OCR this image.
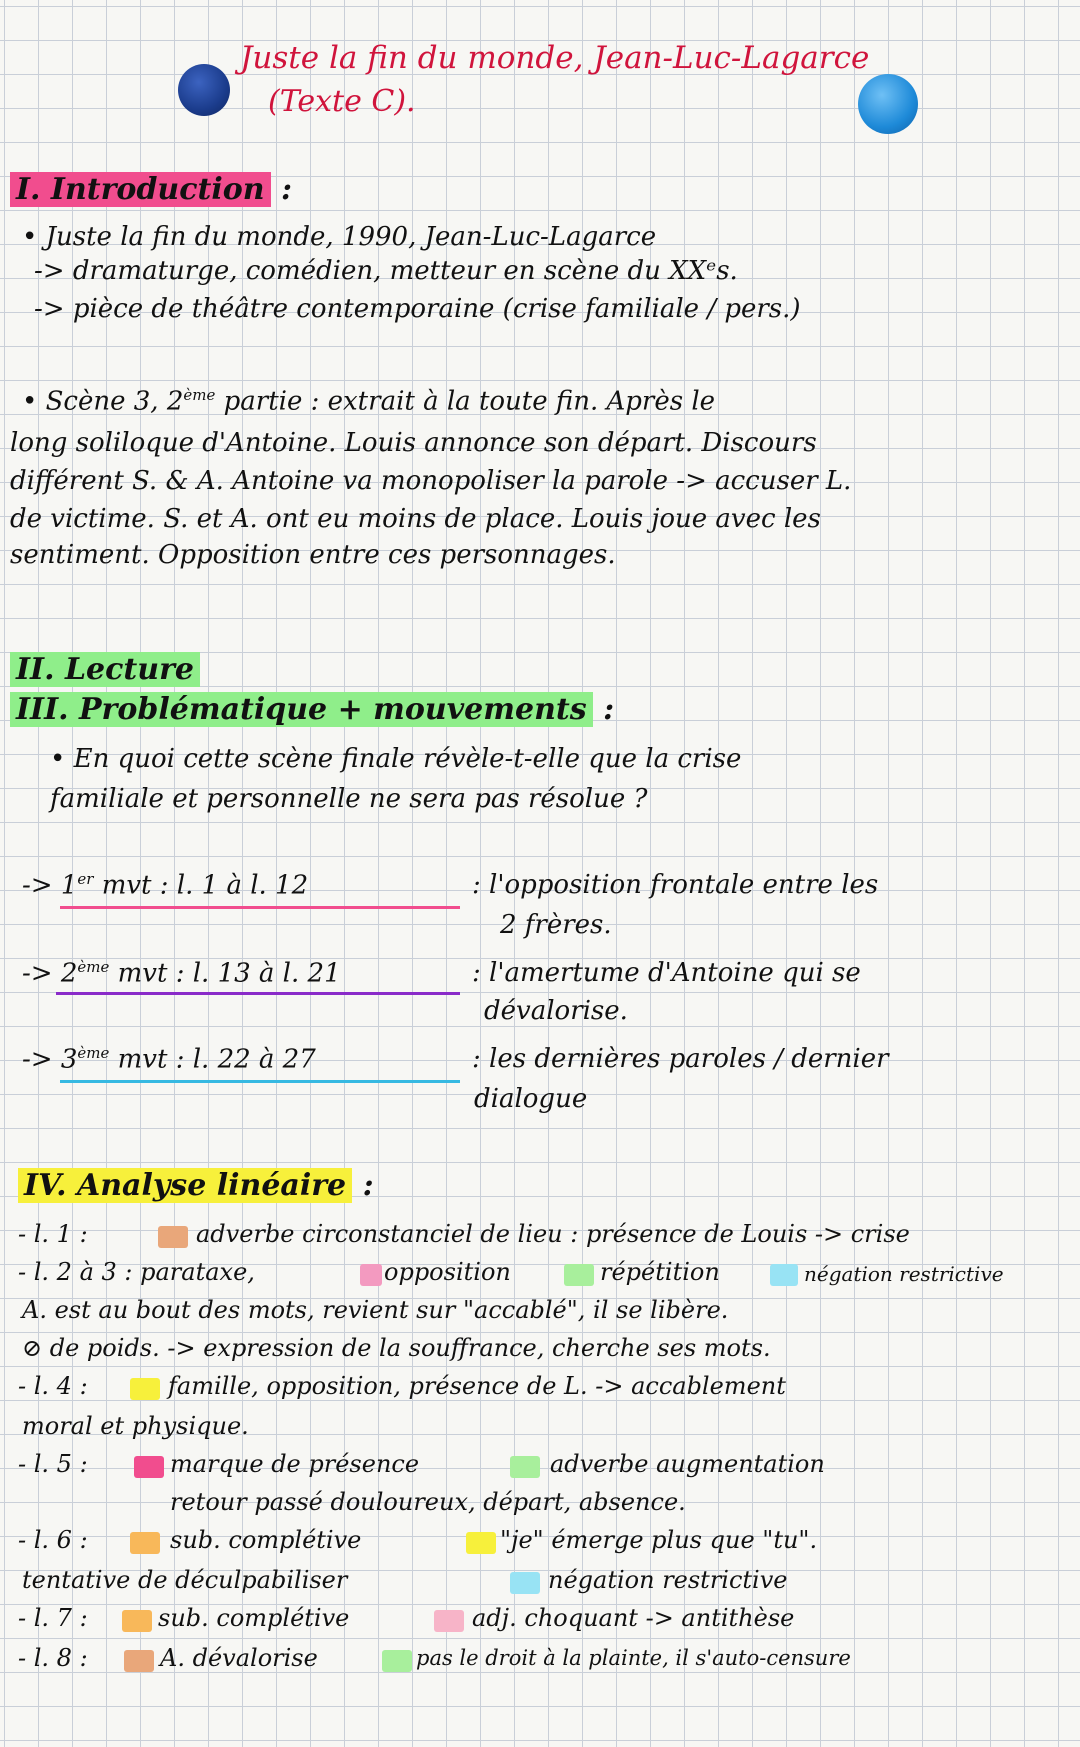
Juste la fin du monde, Jean-Luc-Lagarce
(Texte C).
I. Introduction :
• Juste la fin du monde, 1990, Jean-Luc-Lagarce
-> dramaturge, comédien, metteur en scène du XXᵉs.
-> pièce de théâtre contemporaine (crise familiale / pers.)
• Scène 3, 2ème partie : extrait à la toute fin. Après le
long soliloque d'Antoine. Louis annonce son départ. Discours
différent S. & A. Antoine va monopoliser la parole -> accuser L.
de victime. S. et A. ont eu moins de place. Louis joue avec les
sentiment. Opposition entre ces personnages.
II. Lecture
III. Problématique + mouvements :
• En quoi cette scène finale révèle-t-elle que la crise
familiale et personnelle ne sera pas résolue ?
-> 1er mvt : l. 1 à l. 12	: l'opposition frontale entre les
2 frères.
-> 2ème mvt : l. 13 à l. 21	: l'amertume d'Antoine qui se
dévalorise.
-> 3ème mvt : l. 22 à 27	: les dernières paroles / dernier
dialogue
IV. Analyse linéaire :
- l. 1 :	adverbe circonstanciel de lieu : présence de Louis -> crise
- l. 2 à 3 : parataxe,	opposition	répétition	négation restrictive
A. est au bout des mots, revient sur "accablé", il se libère.
⊘ de poids. -> expression de la souffrance, cherche ses mots.
- l. 4 :	famille, opposition, présence de L. -> accablement
moral et physique.
- l. 5 :	marque de présence	adverbe augmentation
retour passé douloureux, départ, absence.
- l. 6 :	sub. complétive	"je" émerge plus que "tu".
tentative de déculpabiliser	négation restrictive
- l. 7 :	sub. complétive	adj. choquant -> antithèse
- l. 8 :	A. dévalorise	pas le droit à la plainte, il s'auto-censure
